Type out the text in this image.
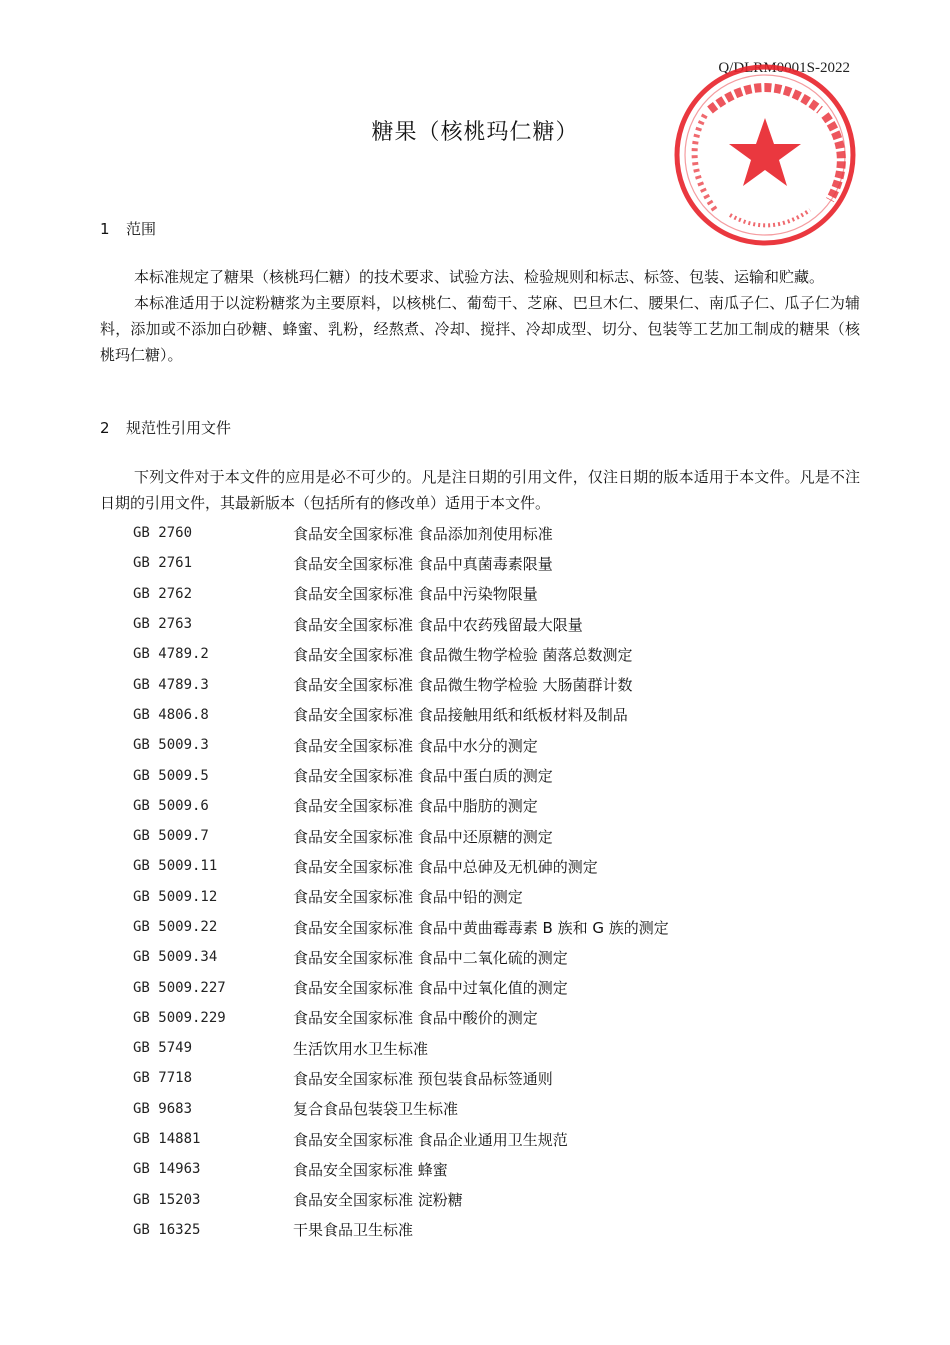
Q/DLRM0001S-2022
糖果（核桃玛仁糖）
1 范围

本标准规定了糖果（核桃玛仁糖）的技术要求、试验方法、检验规则和标志、标签、包装、运输和贮藏。

本标准适用于以淀粉糖浆为主要原料，以核桃仁、葡萄干、芝麻、巴旦木仁、腰果仁、南瓜子仁、瓜子仁为辅料，添加或不添加白砂糖、蜂蜜、乳粉，经熬煮、冷却、搅拌、冷却成型、切分、包装等工艺加工制成的糖果（核桃玛仁糖）。

2 规范性引用文件

下列文件对于本文件的应用是必不可少的。凡是注日期的引用文件，仅注日期的版本适用于本文件。凡是不注日期的引用文件，其最新版本（包括所有的修改单）适用于本文件。

GB 2760	食品安全国家标准 食品添加剂使用标准
GB 2761	食品安全国家标准 食品中真菌毒素限量
GB 2762	食品安全国家标准 食品中污染物限量
GB 2763	食品安全国家标准 食品中农药残留最大限量
GB 4789.2	食品安全国家标准 食品微生物学检验 菌落总数测定
GB 4789.3	食品安全国家标准 食品微生物学检验 大肠菌群计数
GB 4806.8	食品安全国家标准 食品接触用纸和纸板材料及制品
GB 5009.3	食品安全国家标准 食品中水分的测定
GB 5009.5	食品安全国家标准 食品中蛋白质的测定
GB 5009.6	食品安全国家标准 食品中脂肪的测定
GB 5009.7	食品安全国家标准 食品中还原糖的测定
GB 5009.11	食品安全国家标准 食品中总砷及无机砷的测定
GB 5009.12	食品安全国家标准 食品中铅的测定
GB 5009.22	食品安全国家标准 食品中黄曲霉毒素 B 族和 G 族的测定
GB 5009.34	食品安全国家标准 食品中二氧化硫的测定
GB 5009.227	食品安全国家标准 食品中过氧化值的测定
GB 5009.229	食品安全国家标准 食品中酸价的测定
GB 5749	生活饮用水卫生标准
GB 7718	食品安全国家标准 预包装食品标签通则
GB 9683	复合食品包装袋卫生标准
GB 14881	食品安全国家标准 食品企业通用卫生规范
GB 14963	食品安全国家标准 蜂蜜
GB 15203	食品安全国家标准 淀粉糖
GB 16325	干果食品卫生标准
